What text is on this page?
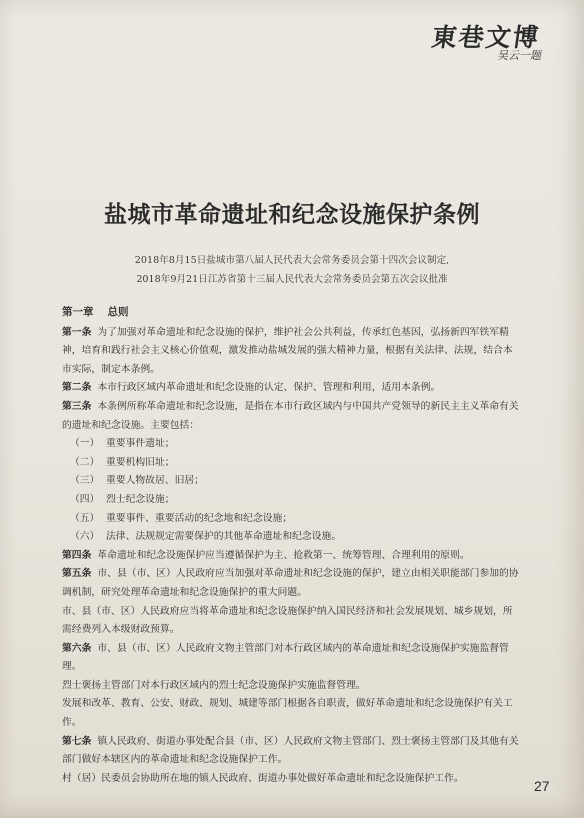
東巷文博
吴云一题
盐城市革命遗址和纪念设施保护条例
2018年8月15日盐城市第八届人民代表大会常务委员会第十四次会议制定,
2018年9月21日江苏省第十三届人民代表大会常务委员会第五次会议批准
第一章 总则

第一条 为了加强对革命遗址和纪念设施的保护，维护社会公共利益，传承红色基因，弘扬新四军铁军精神，培育和践行社会主义核心价值观，激发推动盐城发展的强大精神力量，根据有关法律、法规，结合本市实际，制定本条例。

第二条 本市行政区域内革命遗址和纪念设施的认定、保护、管理和利用，适用本条例。

第三条 本条例所称革命遗址和纪念设施，是指在本市行政区域内与中国共产党领导的新民主主义革命有关的遗址和纪念设施。主要包括：

（一） 重要事件遗址；
（二） 重要机构旧址；
（三） 重要人物故居、旧居；
（四） 烈士纪念设施；
（五） 重要事件、重要活动的纪念地和纪念设施；
（六） 法律、法规规定需要保护的其他革命遗址和纪念设施。

第四条 革命遗址和纪念设施保护应当遵循保护为主、抢救第一、统筹管理、合理利用的原则。

第五条 市、县（市、区）人民政府应当加强对革命遗址和纪念设施的保护，建立由相关职能部门参加的协调机制，研究处理革命遗址和纪念设施保护的重大问题。

市、县（市、区）人民政府应当将革命遗址和纪念设施保护纳入国民经济和社会发展规划、城乡规划，所需经费列入本级财政预算。

第六条 市、县（市、区）人民政府文物主管部门对本行政区域内的革命遗址和纪念设施保护实施监督管理。

烈士褒扬主管部门对本行政区域内的烈士纪念设施保护实施监督管理。

发展和改革、教育、公安、财政、规划、城建等部门根据各自职责，做好革命遗址和纪念设施保护有关工作。

第七条 镇人民政府、街道办事处配合县（市、区）人民政府文物主管部门、烈士褒扬主管部门及其他有关部门做好本辖区内的革命遗址和纪念设施保护工作。

村（居）民委员会协助所在地的镇人民政府、街道办事处做好革命遗址和纪念设施保护工作。	27
